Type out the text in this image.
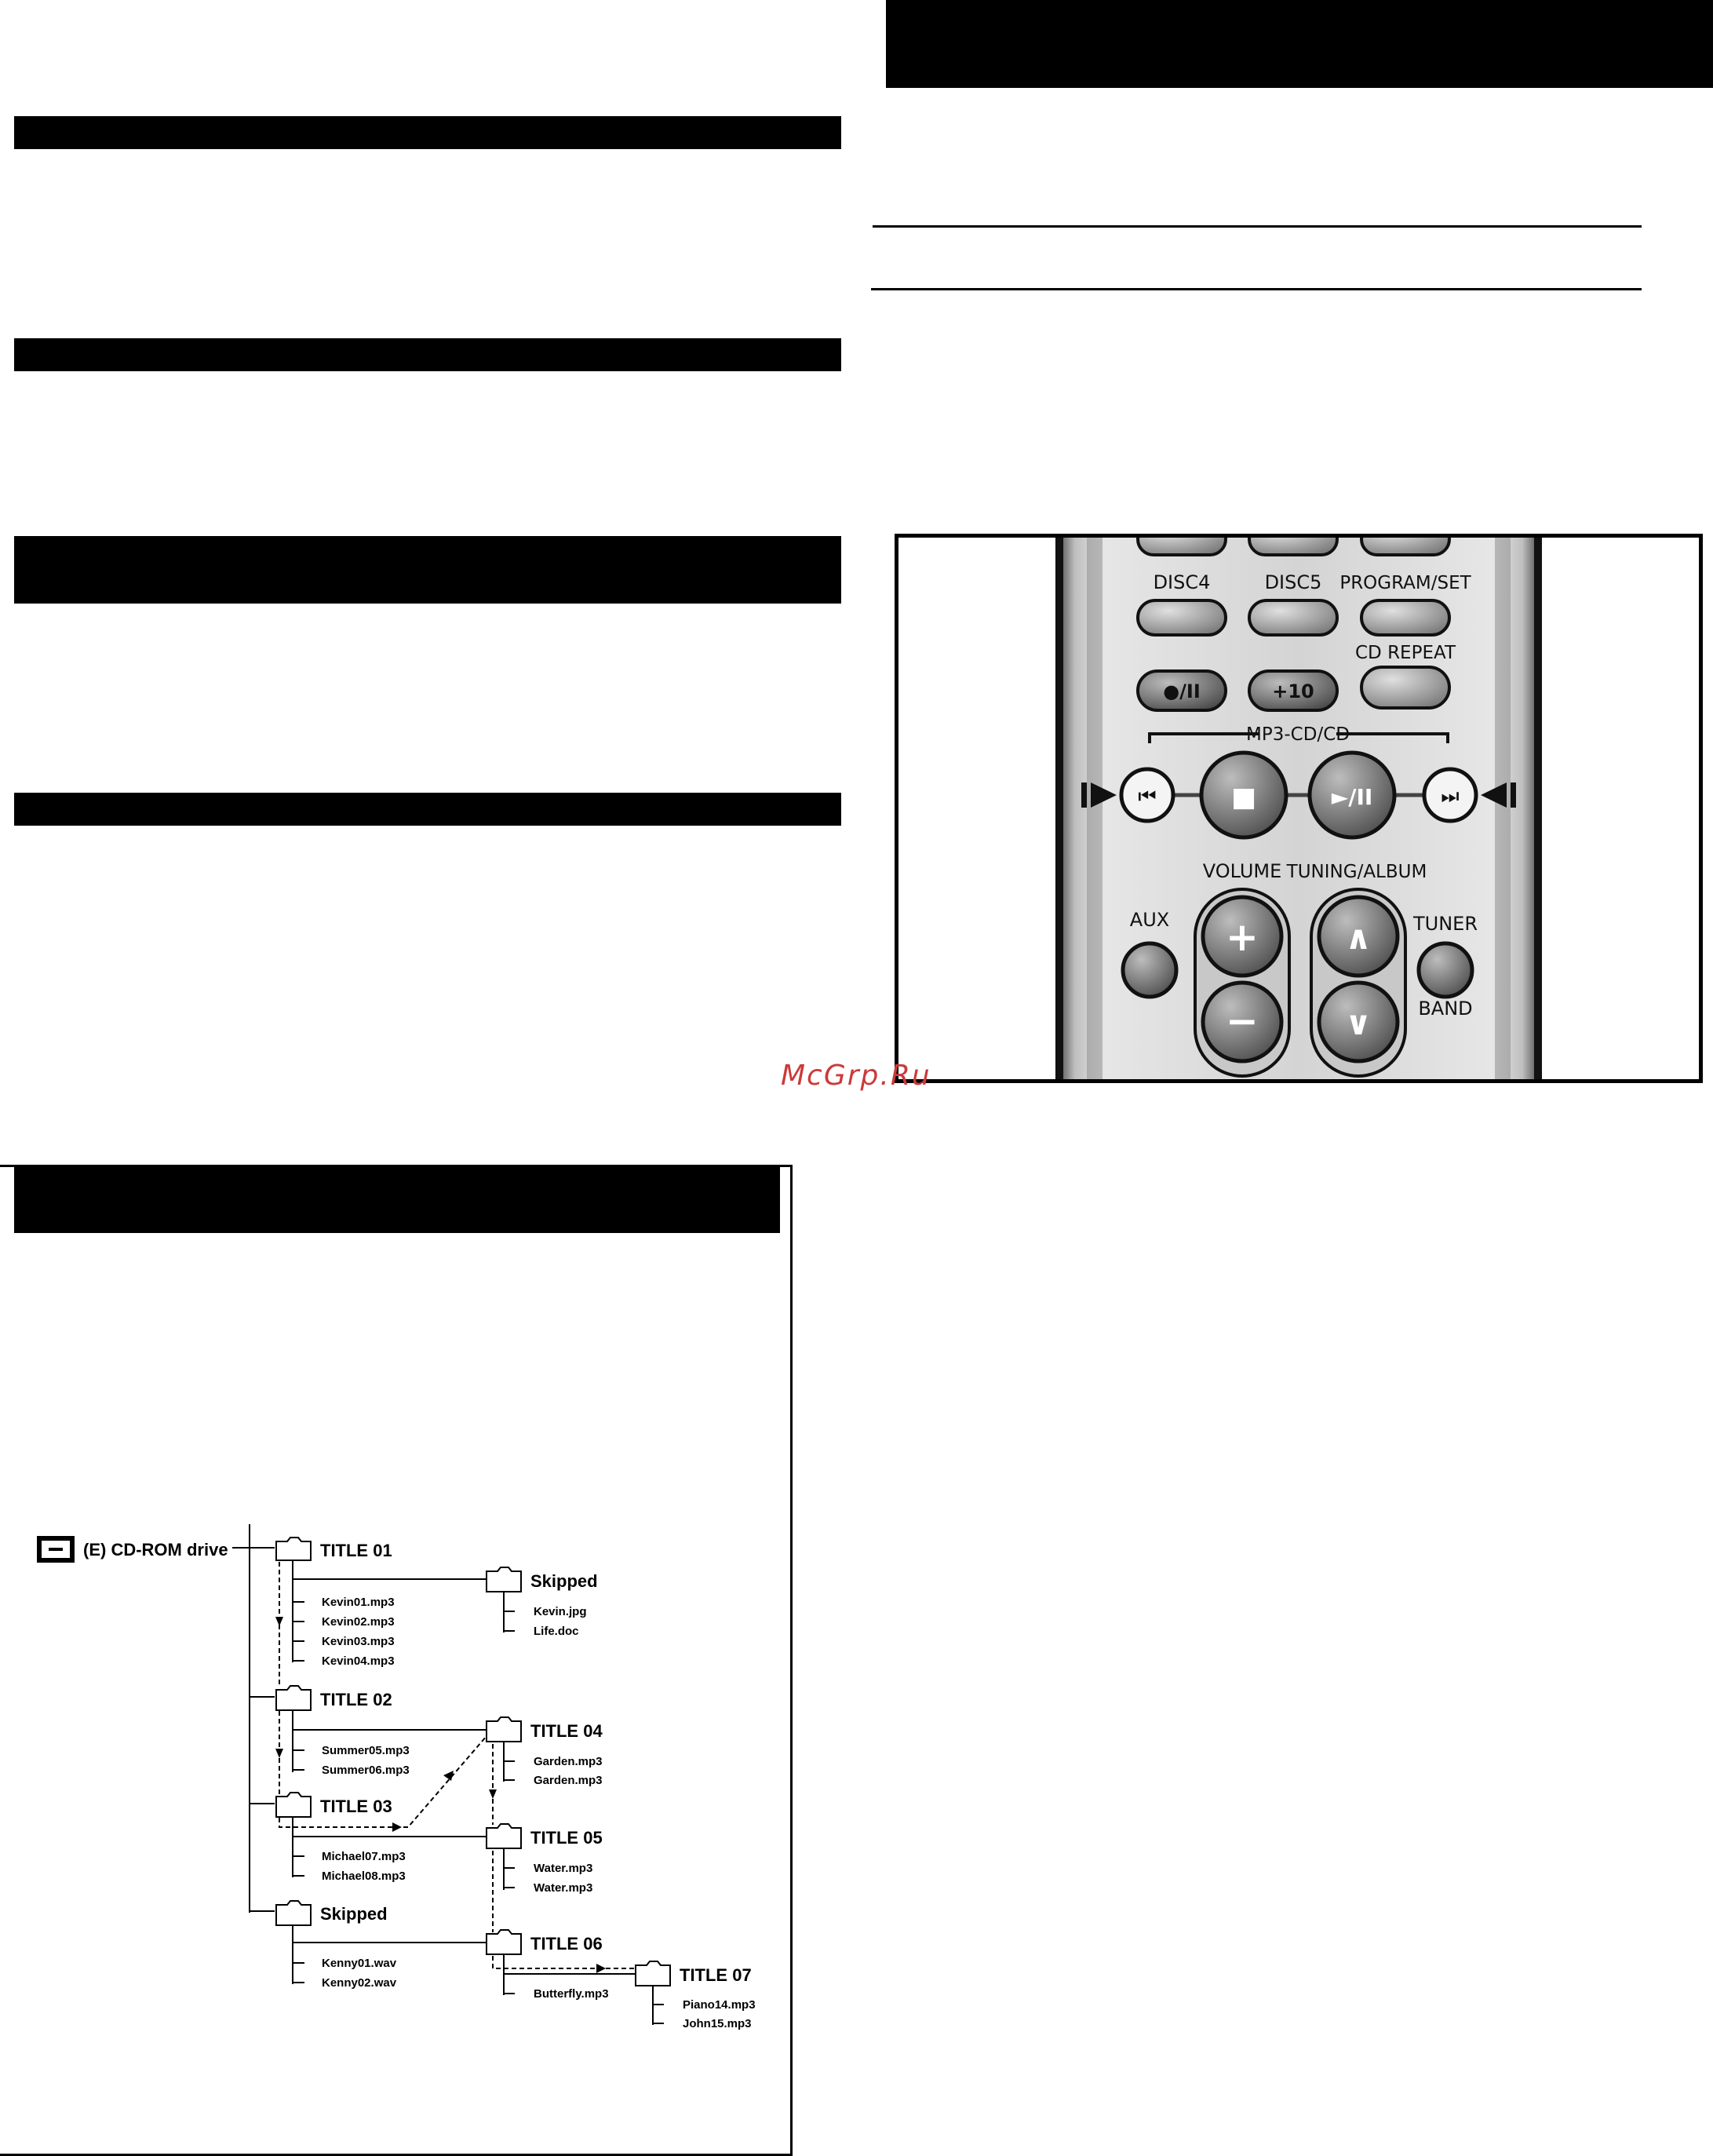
DISC4	DISC5 PROGRAM/SET
CD REPEAT
●/II	+10
MP3-CD/CD
⏮	■	►/II	⏭
VOLUME TUNING/ALBUM
+
−
∧
∨
AUX	TUNER
BAND
McGrp.Ru
(E) CD-ROM drive	TITLE 01
Kevin01.mp3
Kevin02.mp3
Kevin03.mp3
Kevin04.mp3
Skipped
Kevin.jpg
Life.doc
TITLE 02
Summer05.mp3
Summer06.mp3
TITLE 04
Garden.mp3
Garden.mp3
TITLE 03
Michael07.mp3
Michael08.mp3
TITLE 05
Water.mp3
Water.mp3
Skipped
Kenny01.wav
Kenny02.wav
TITLE 06
Butterfly.mp3
TITLE 07
Piano14.mp3
John15.mp3
